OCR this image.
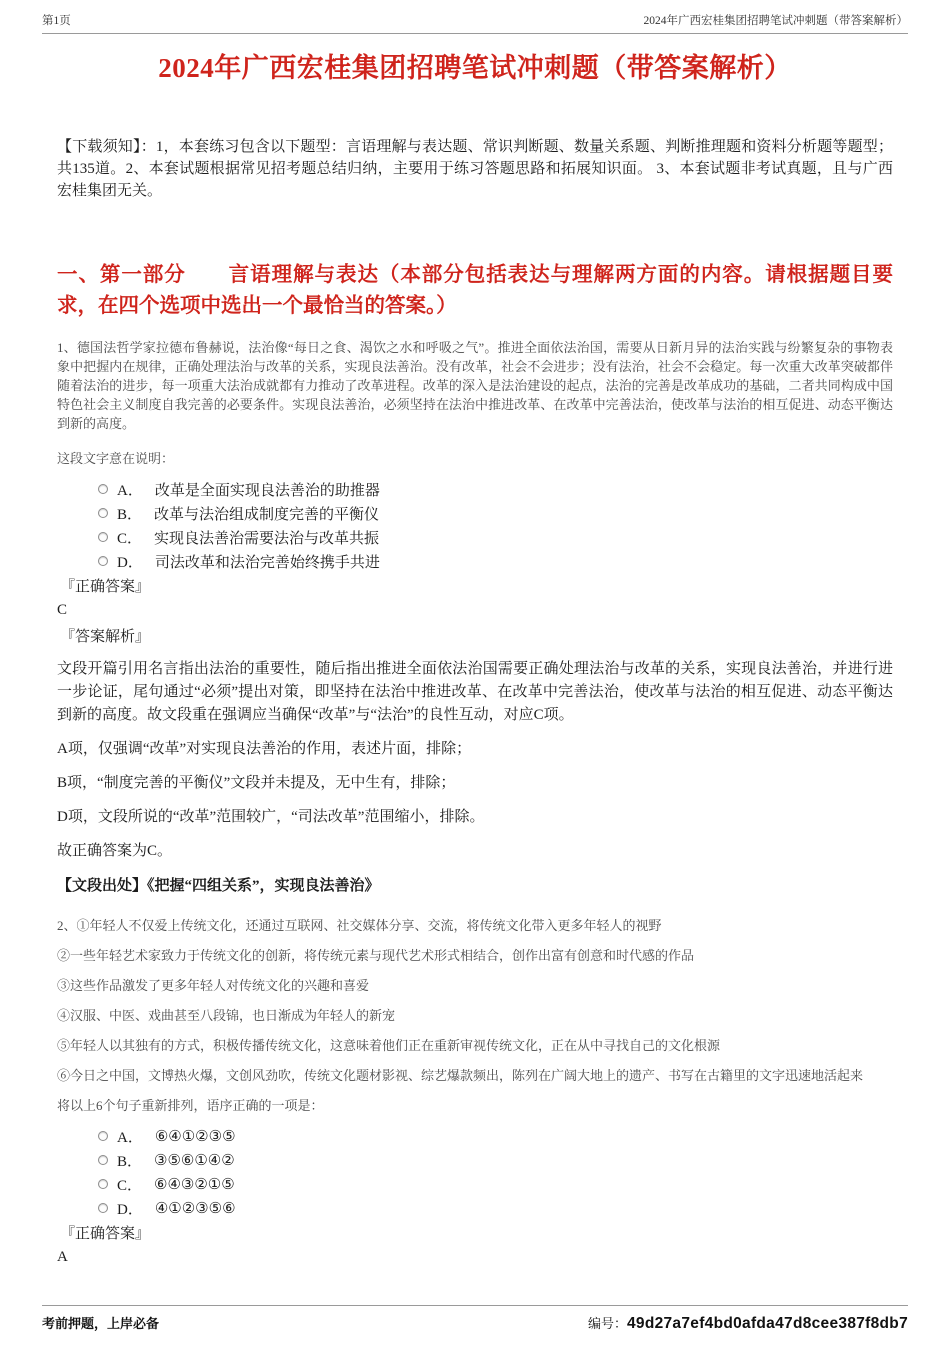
第1页	2024年广西宏桂集团招聘笔试冲刺题（带答案解析）
2024年广西宏桂集团招聘笔试冲刺题（带答案解析）

【下载须知】：1，本套练习包含以下题型：言语理解与表达题、常识判断题、数量关系题、判断推理题和资料分析题等题型；共135道。2、本套试题根据常见招考题总结归纳，主要用于练习答题思路和拓展知识面。 3、本套试题非考试真题，且与广西宏桂集团无关。

一、第一部分　　言语理解与表达（本部分包括表达与理解两方面的内容。请根据题目要求，在四个选项中选出一个最恰当的答案。）

1、德国法哲学家拉德布鲁赫说，法治像“每日之食、渴饮之水和呼吸之气”。推进全面依法治国，需要从日新月异的法治实践与纷繁复杂的事物表象中把握内在规律，正确处理法治与改革的关系，实现良法善治。没有改革，社会不会进步；没有法治，社会不会稳定。每一次重大改革突破都伴随着法治的进步，每一项重大法治成就都有力推动了改革进程。改革的深入是法治建设的起点，法治的完善是改革成功的基础，二者共同构成中国特色社会主义制度自我完善的必要条件。实现良法善治，必须坚持在法治中推进改革、在改革中完善法治，使改革与法治的相互促进、动态平衡达到新的高度。

这段文字意在说明：

A． 改革是全面实现良法善治的助推器
B． 改革与法治组成制度完善的平衡仪
C． 实现良法善治需要法治与改革共振
D． 司法改革和法治完善始终携手共进

『正确答案』

C

『答案解析』

文段开篇引用名言指出法治的重要性，随后指出推进全面依法治国需要正确处理法治与改革的关系，实现良法善治，并进行进一步论证，尾句通过“必须”提出对策，即坚持在法治中推进改革、在改革中完善法治，使改革与法治的相互促进、动态平衡达到新的高度。故文段重在强调应当确保“改革”与“法治”的良性互动，对应C项。

A项，仅强调“改革”对实现良法善治的作用，表述片面，排除；

B项，“制度完善的平衡仪”文段并未提及，无中生有，排除；

D项，文段所说的“改革”范围较广，“司法改革”范围缩小，排除。

故正确答案为C。

【文段出处】《把握“四组关系”，实现良法善治》

2、①年轻人不仅爱上传统文化，还通过互联网、社交媒体分享、交流，将传统文化带入更多年轻人的视野

②一些年轻艺术家致力于传统文化的创新，将传统元素与现代艺术形式相结合，创作出富有创意和时代感的作品

③这些作品激发了更多年轻人对传统文化的兴趣和喜爱

④汉服、中医、戏曲甚至八段锦，也日渐成为年轻人的新宠

⑤年轻人以其独有的方式，积极传播传统文化，这意味着他们正在重新审视传统文化，正在从中寻找自己的文化根源

⑥今日之中国，文博热火爆，文创风劲吹，传统文化题材影视、综艺爆款频出，陈列在广阔大地上的遗产、书写在古籍里的文字迅速地活起来

将以上6个句子重新排列，语序正确的一项是：

A． ⑥④①②③⑤
B． ③⑤⑥①④②
C． ⑥④③②①⑤
D． ④①②③⑤⑥

『正确答案』

A

考前押题，上岸必备	编号：49d27a7ef4bd0afda47d8cee387f8db7
